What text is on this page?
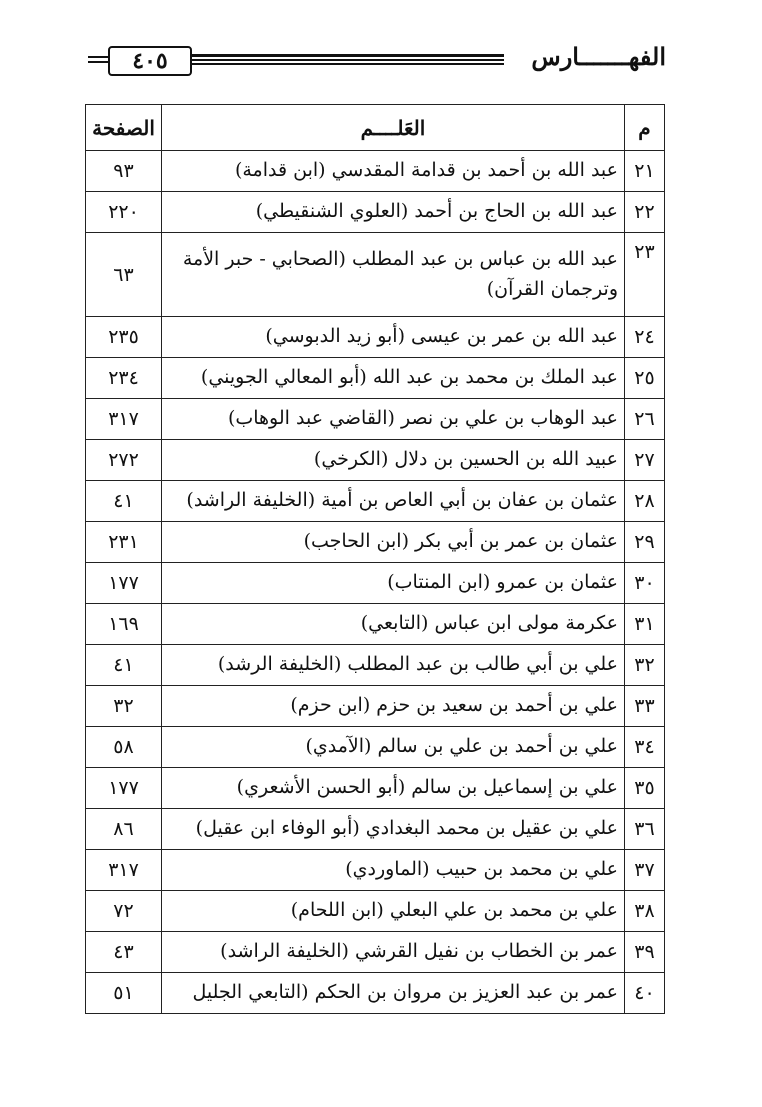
٤٠٥	الفهـــــــارس
م	العَلــــم	الصفحة
٢١	عبد الله بن أحمد بن قدامة المقدسي (ابن قدامة)	٩٣
٢٢	عبد الله بن الحاج بن أحمد (العلوي الشنقيطي)	٢٢٠
٢٣	عبد الله بن عباس بن عبد المطلب (الصحابي - حبر الأمة وترجمان القرآن)	٦٣
٢٤	عبد الله بن عمر بن عيسى (أبو زيد الدبوسي)	٢٣٥
٢٥	عبد الملك بن محمد بن عبد الله (أبو المعالي الجويني)	٢٣٤
٢٦	عبد الوهاب بن علي بن نصر (القاضي عبد الوهاب)	٣١٧
٢٧	عبيد الله بن الحسين بن دلال (الكرخي)	٢٧٢
٢٨	عثمان بن عفان بن أبي العاص بن أمية (الخليفة الراشد)	٤١
٢٩	عثمان بن عمر بن أبي بكر (ابن الحاجب)	٢٣١
٣٠	عثمان بن عمرو (ابن المنتاب)	١٧٧
٣١	عكرمة مولى ابن عباس (التابعي)	١٦٩
٣٢	علي بن أبي طالب بن عبد المطلب (الخليفة الرشد)	٤١
٣٣	علي بن أحمد بن سعيد بن حزم (ابن حزم)	٣٢
٣٤	علي بن أحمد بن علي بن سالم (الآمدي)	٥٨
٣٥	علي بن إسماعيل بن سالم (أبو الحسن الأشعري)	١٧٧
٣٦	علي بن عقيل بن محمد البغدادي (أبو الوفاء ابن عقيل)	٨٦
٣٧	علي بن محمد بن حبيب (الماوردي)	٣١٧
٣٨	علي بن محمد بن علي البعلي (ابن اللحام)	٧٢
٣٩	عمر بن الخطاب بن نفيل القرشي (الخليفة الراشد)	٤٣
٤٠	عمر بن عبد العزيز بن مروان بن الحكم (التابعي الجليل	٥١
